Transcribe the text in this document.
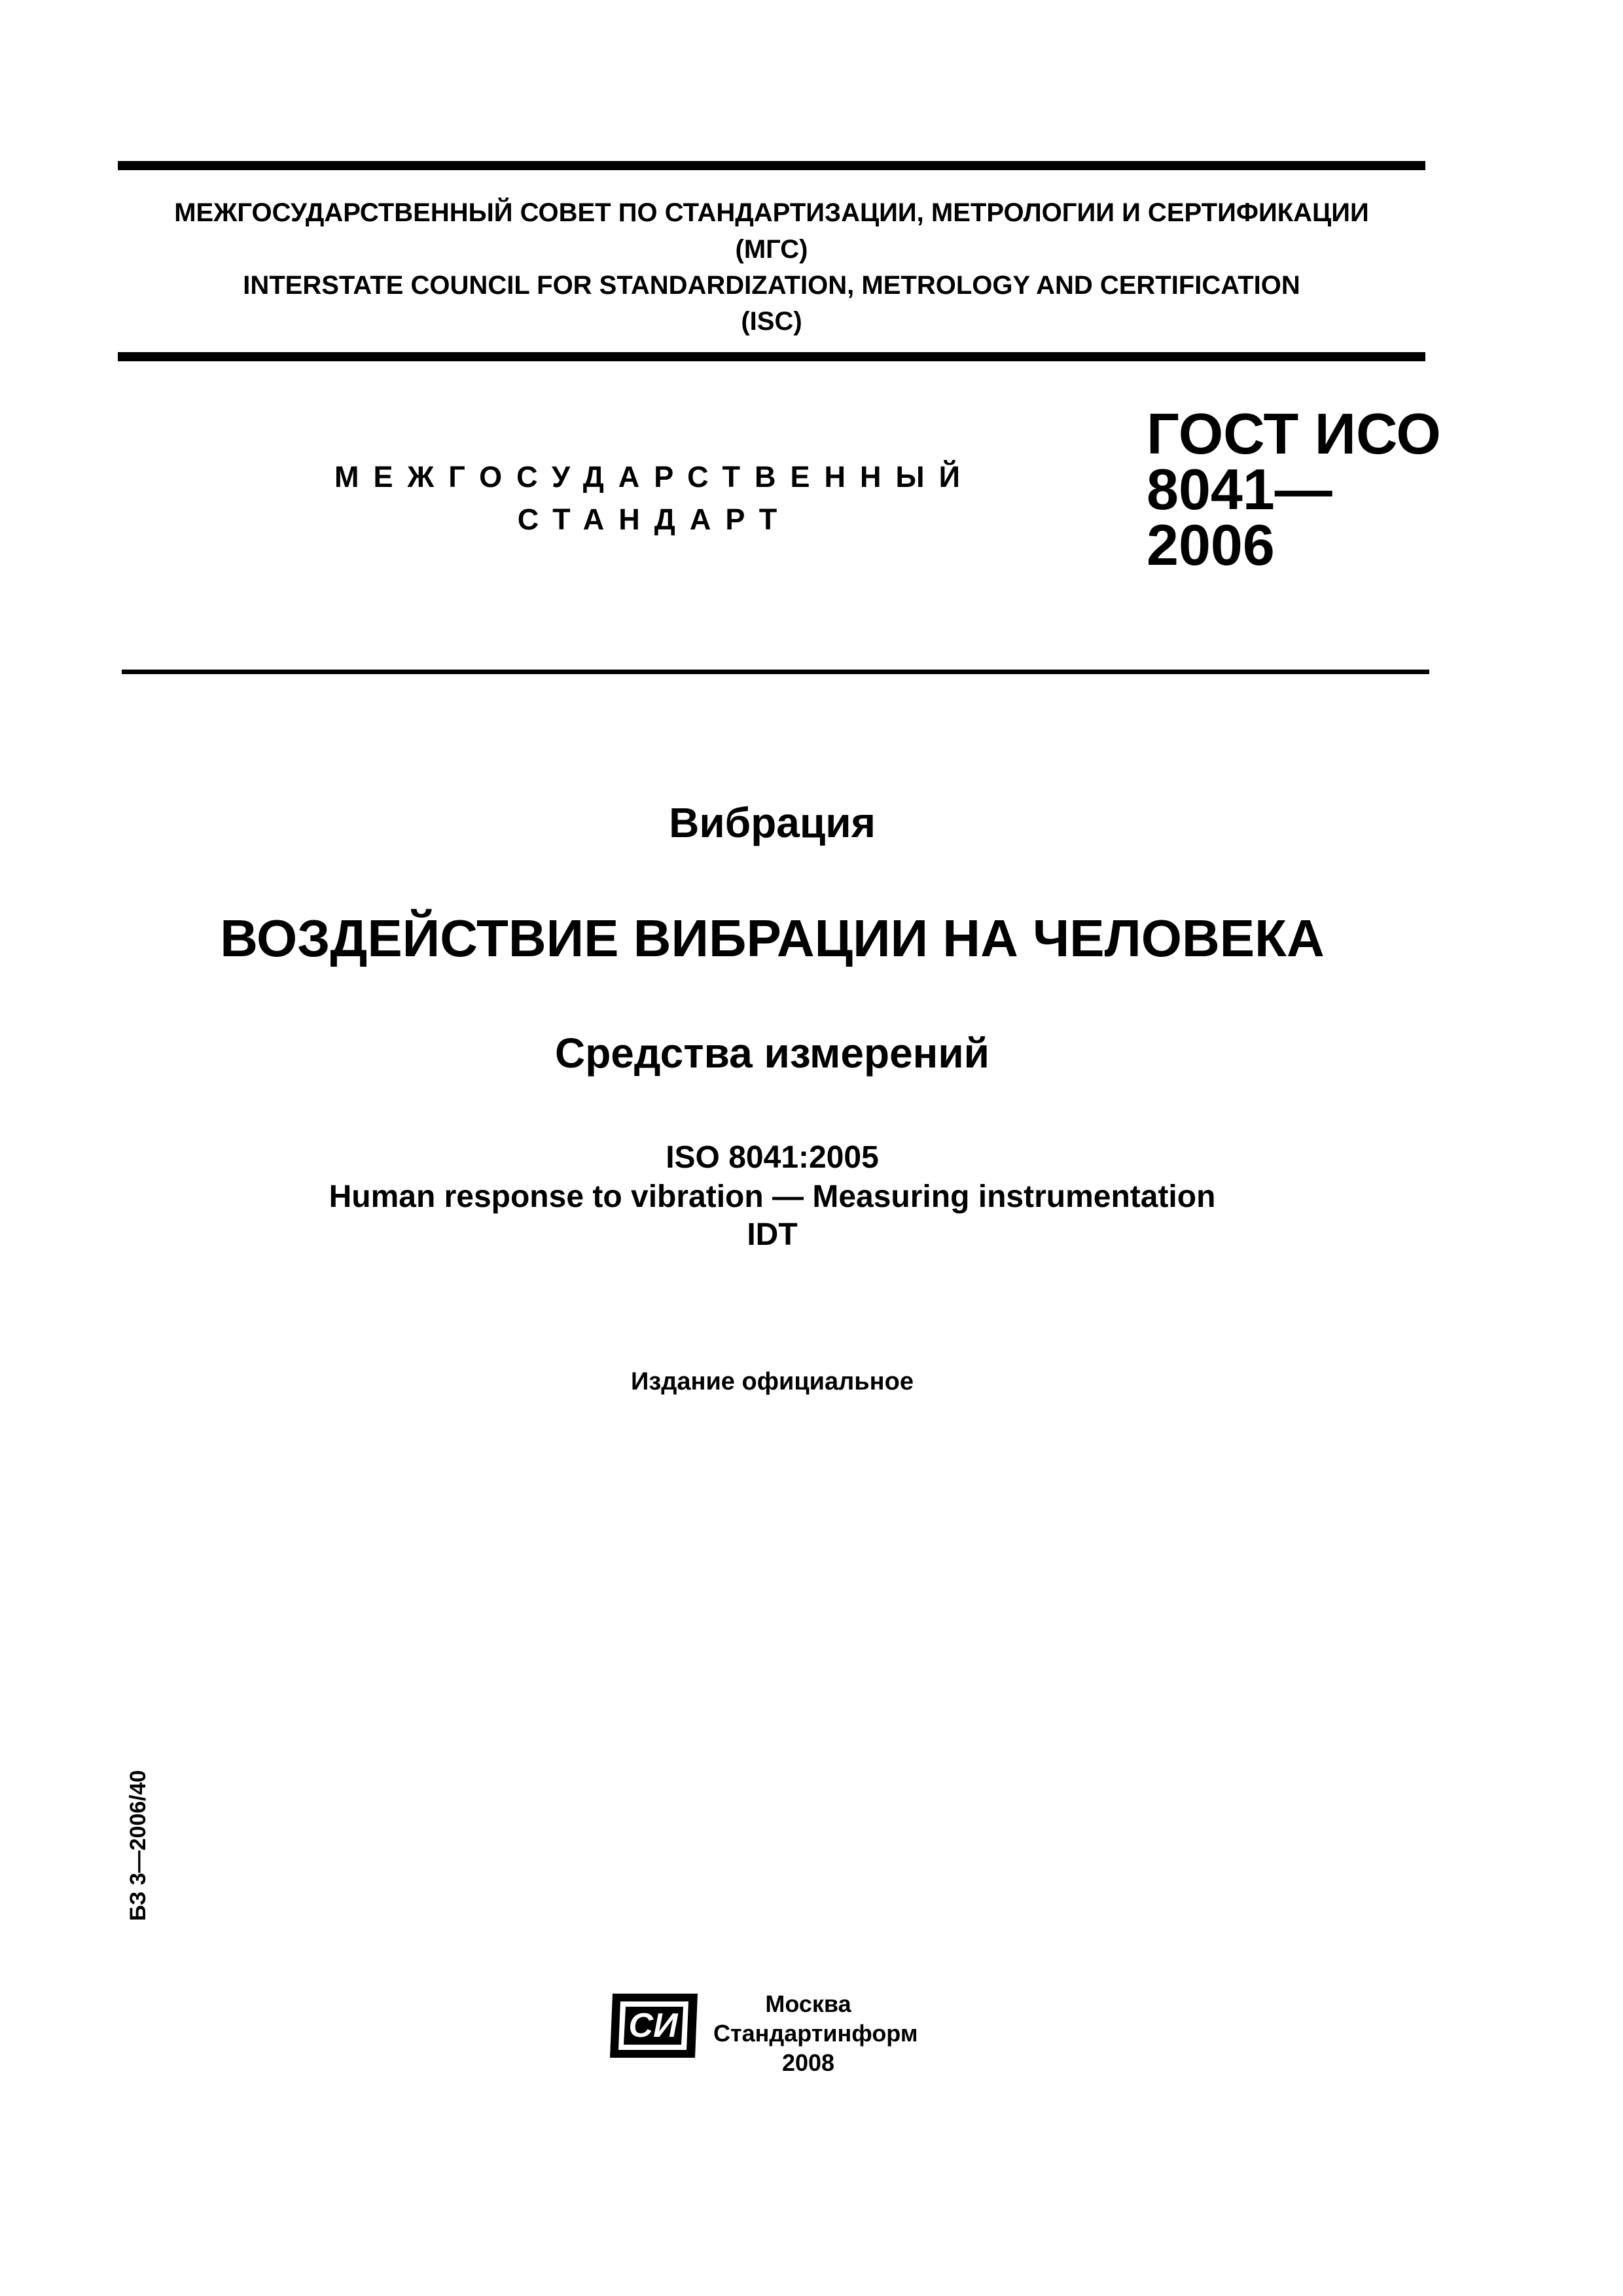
МЕЖГОСУДАРСТВЕННЫЙ СОВЕТ ПО СТАНДАРТИЗАЦИИ, МЕТРОЛОГИИ И СЕРТИФИКАЦИИ
(МГС)
INTERSTATE COUNCIL FOR STANDARDIZATION, METROLOGY AND CERTIFICATION
(ISC)
МЕЖГОСУДАРСТВЕННЫЙ
СТАНДАРТ
ГОСТ ИСО
8041—
2006
Вибрация
ВОЗДЕЙСТВИЕ ВИБРАЦИИ НА ЧЕЛОВЕКА
Средства измерений
ISO 8041:2005
Human response to vibration — Measuring instrumentation
IDT
Издание официальное
БЗ 3—2006/40
СИ
Москва
Стандартинформ
2008
